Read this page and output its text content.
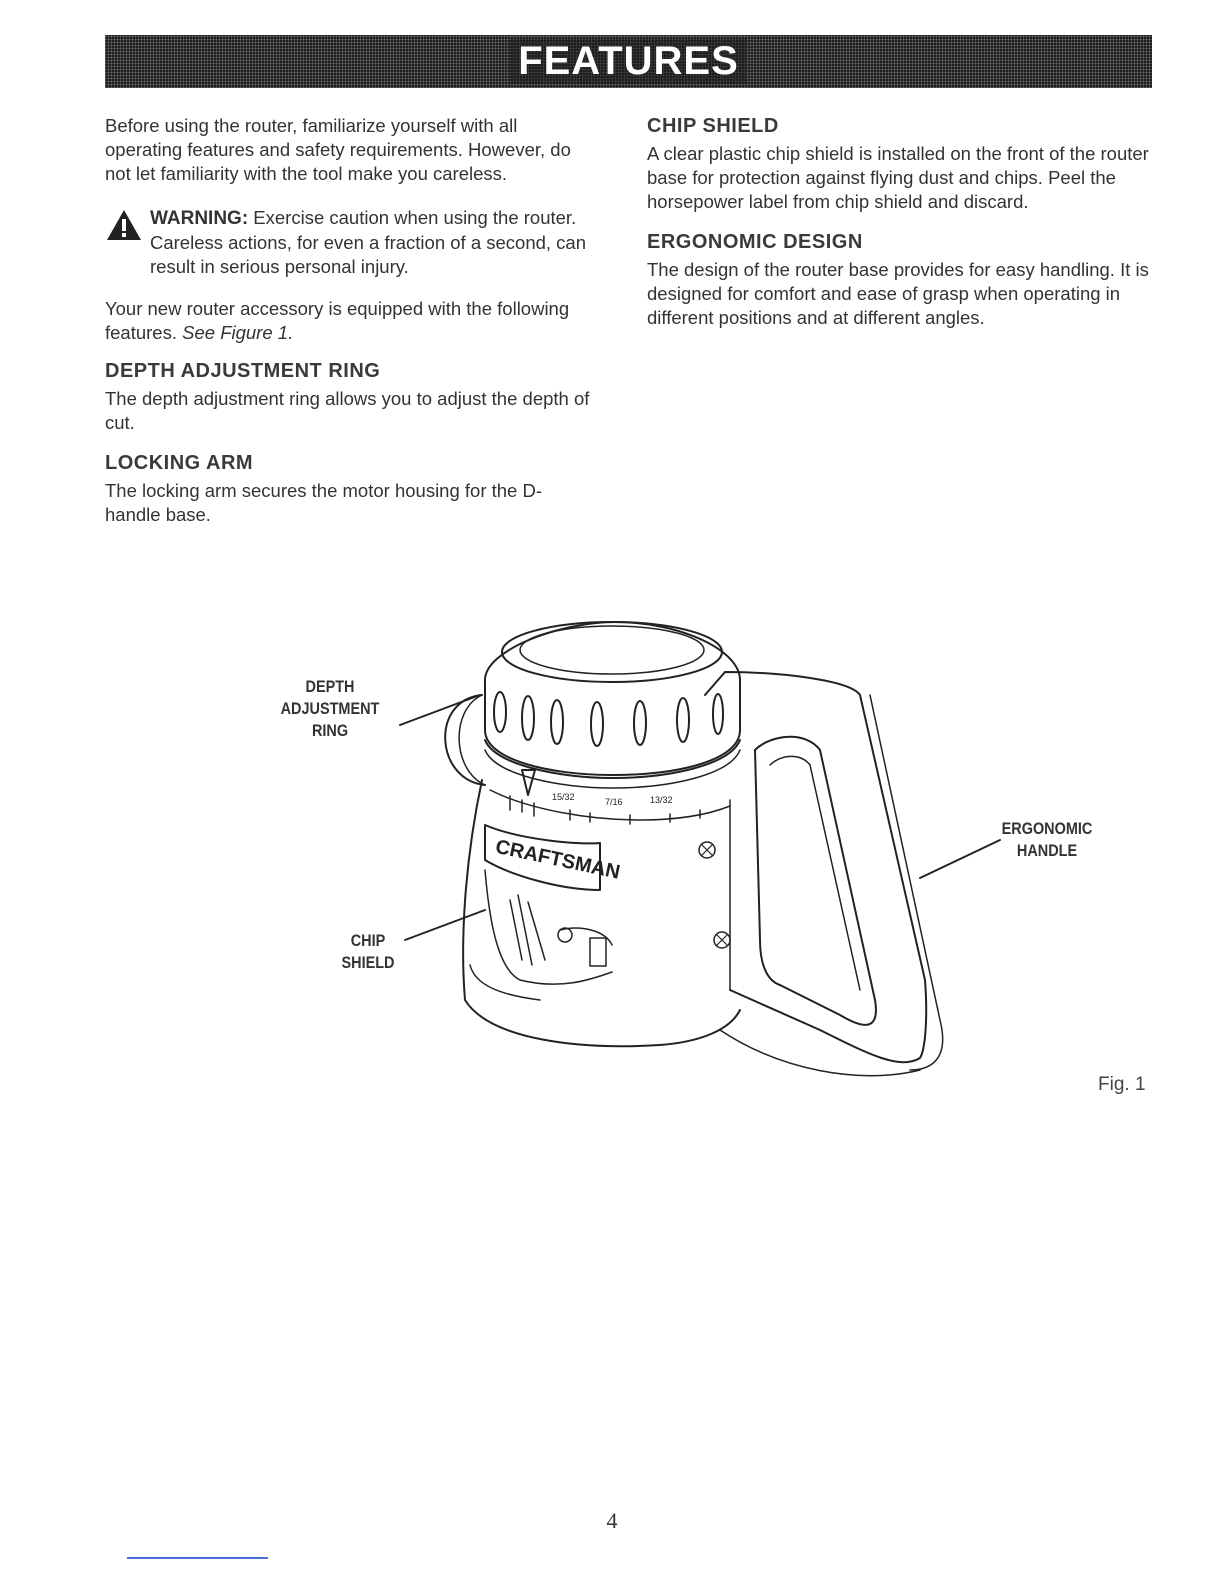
FEATURES

Before using the router, familiarize yourself with all operating features and safety requirements. However, do not let familiarity with the tool make you careless.

WARNING: Exercise caution when using the router. Careless actions, for even a fraction of a second, can result in serious personal injury.

Your new router accessory is equipped with the following features. See Figure 1.

DEPTH ADJUSTMENT RING

The depth adjustment ring allows you to adjust the depth of cut.

LOCKING ARM

The locking arm secures the motor housing for the D-handle base.

CHIP SHIELD

A clear plastic chip shield is installed on the front of the router base for protection against flying dust and chips. Peel the horsepower label from chip shield and discard.

ERGONOMIC DESIGN

The design of the router base provides for easy handling. It is designed for comfort and ease of grasp when operating in different positions and at different angles.

15/32	7/16	13/32
CRAFTSMAN
DEPTH
ADJUSTMENT
RING
CHIP
SHIELD
ERGONOMIC
HANDLE
Fig. 1
4
